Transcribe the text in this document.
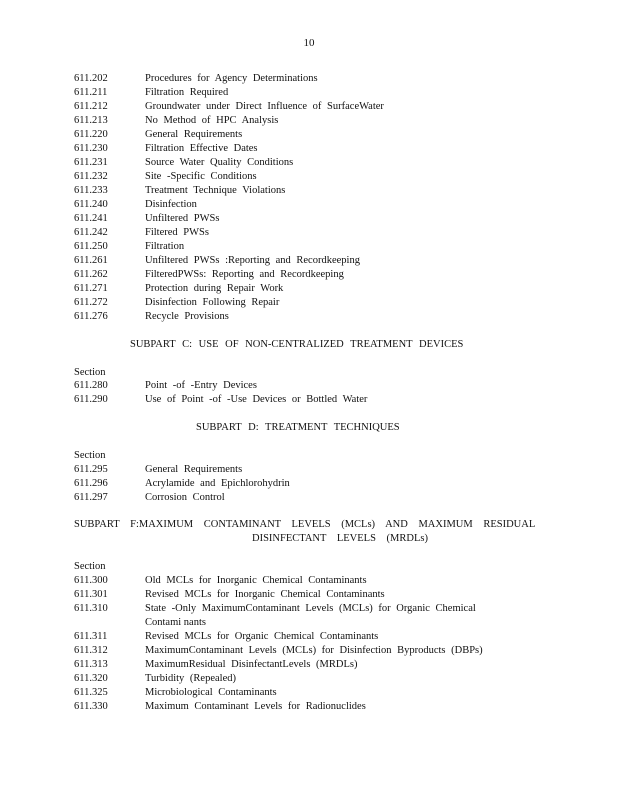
10
611.202	Procedures for Agency Determinations
611.211	Filtration Required
611.212	Groundwater under Direct Influence of SurfaceWater
611.213	No Method of HPC Analysis
611.220	General Requirements
611.230	Filtration Effective Dates
611.231	Source Water Quality Conditions
611.232	Site -Specific Conditions
611.233	Treatment Technique Violations
611.240	Disinfection
611.241	Unfiltered PWSs
611.242	Filtered PWSs
611.250	Filtration
611.261	Unfiltered PWSs :Reporting and Recordkeeping
611.262	FilteredPWSs: Reporting and Recordkeeping
611.271	Protection during Repair Work
611.272	Disinfection Following Repair
611.276	Recycle Provisions
SUBPART C: USE OF NON-CENTRALIZED TREATMENT DEVICES
Section
611.280	Point -of -Entry Devices
611.290	Use of Point -of -Use Devices or Bottled Water
SUBPART D: TREATMENT TECHNIQUES
Section
611.295	General Requirements
611.296	Acrylamide and Epichlorohydrin
611.297	Corrosion Control
SUBPART F:MAXIMUM CONTAMINANT LEVELS (MCLs) AND MAXIMUM RESIDUAL
DISINFECTANT LEVELS (MRDLs)
Section
611.300	Old MCLs for Inorganic Chemical Contaminants
611.301	Revised MCLs for Inorganic Chemical Contaminants
611.310	State -Only MaximumContaminant Levels (MCLs) for Organic Chemical
Contami nants
611.311	Revised MCLs for Organic Chemical Contaminants
611.312	MaximumContaminant Levels (MCLs) for Disinfection Byproducts (DBPs)
611.313	MaximumResidual DisinfectantLevels (MRDLs)
611.320	Turbidity (Repealed)
611.325	Microbiological Contaminants
611.330	Maximum Contaminant Levels for Radionuclides
